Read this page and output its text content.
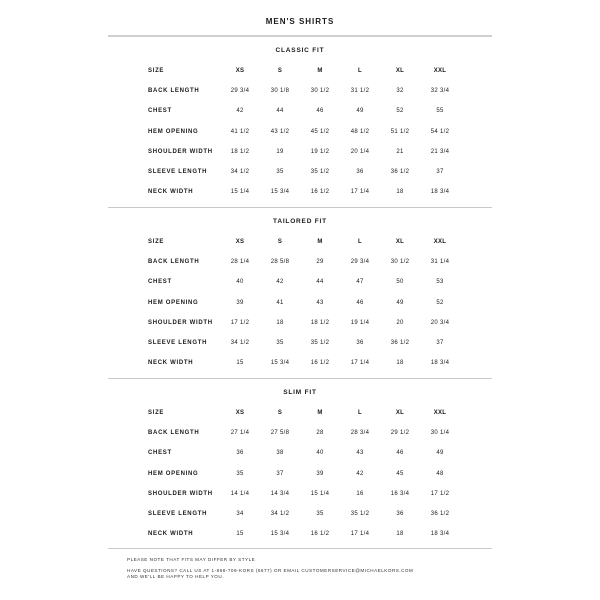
MEN'S SHIRTS
CLASSIC FIT
SIZE	XS	S	M	L	XL	XXL
BACK LENGTH	29 3/4	30 1/8	30 1/2	31 1/2	32	32 3/4
CHEST	42	44	46	49	52	55
HEM OPENING	41 1/2	43 1/2	45 1/2	48 1/2	51 1/2	54 1/2
SHOULDER WIDTH	18 1/2	19	19 1/2	20 1/4	21	21 3/4
SLEEVE LENGTH	34 1/2	35	35 1/2	36	36 1/2	37
NECK WIDTH	15 1/4	15 3/4	16 1/2	17 1/4	18	18 3/4
TAILORED FIT
SIZE	XS	S	M	L	XL	XXL
BACK LENGTH	28 1/4	28 5/8	29	29 3/4	30 1/2	31 1/4
CHEST	40	42	44	47	50	53
HEM OPENING	39	41	43	46	49	52
SHOULDER WIDTH	17 1/2	18	18 1/2	19 1/4	20	20 3/4
SLEEVE LENGTH	34 1/2	35	35 1/2	36	36 1/2	37
NECK WIDTH	15	15 3/4	16 1/2	17 1/4	18	18 3/4
SLIM FIT
SIZE	XS	S	M	L	XL	XXL
BACK LENGTH	27 1/4	27 5/8	28	28 3/4	29 1/2	30 1/4
CHEST	36	38	40	43	46	49
HEM OPENING	35	37	39	42	45	48
SHOULDER WIDTH	14 1/4	14 3/4	15 1/4	16	16 3/4	17 1/2
SLEEVE LENGTH	34	34 1/2	35	35 1/2	36	36 1/2
NECK WIDTH	15	15 3/4	16 1/2	17 1/4	18	18 3/4
PLEASE NOTE THAT FITS MAY DIFFER BY STYLE
HAVE QUESTIONS? CALL US AT 1-866-709-KORS (5677) OR EMAIL CUSTOMERSERVICE@MICHAELKORS.COM
AND WE'LL BE HAPPY TO HELP YOU.
